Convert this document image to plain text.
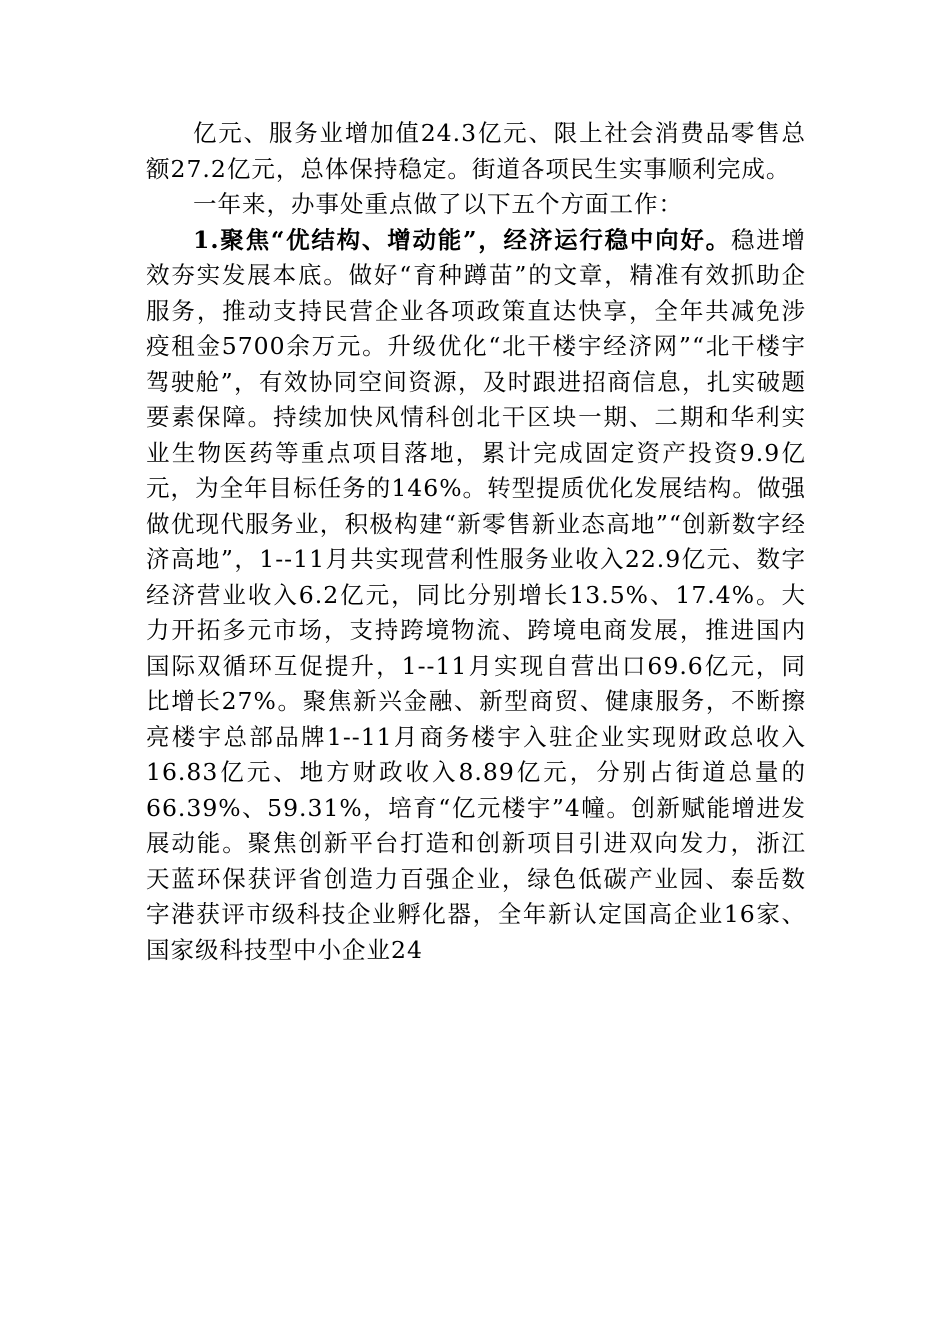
亿元、服务业增加值24.3亿元、限上社会消费品零售总额27.2亿元，总体保持稳定。街道各项民生实事顺利完成。

一年来，办事处重点做了以下五个方面工作：

1.聚焦“优结构、增动能”，经济运行稳中向好。稳进增效夯实发展本底。做好“育种蹲苗”的文章，精准有效抓助企服务，推动支持民营企业各项政策直达快享，全年共减免涉疫租金5700余万元。升级优化“北干楼宇经济网”“北干楼宇驾驶舱”，有效协同空间资源，及时跟进招商信息，扎实破题要素保障。持续加快风情科创北干区块一期、二期和华利实业生物医药等重点项目落地，累计完成固定资产投资9.9亿元，为全年目标任务的146%。转型提质优化发展结构。做强做优现代服务业，积极构建“新零售新业态高地”“创新数字经济高地”，1--11月共实现营利性服务业收入22.9亿元、数字经济营业收入6.2亿元，同比分别增长13.5%、17.4%。大力开拓多元市场，支持跨境物流、跨境电商发展，推进国内国际双循环互促提升，1--11月实现自营出口69.6亿元，同比增长27%。聚焦新兴金融、新型商贸、健康服务，不断擦亮楼宇总部品牌1--11月商务楼宇入驻企业实现财政总收入16.83亿元、地方财政收入8.89亿元，分别占街道总量的66.39%、59.31%，培育“亿元楼宇”4幢。创新赋能增进发展动能。聚焦创新平台打造和创新项目引进双向发力，浙江天蓝环保获评省创造力百强企业，绿色低碳产业园、泰岳数字港获评市级科技企业孵化器，全年新认定国高企业16家、国家级科技型中小企业24
